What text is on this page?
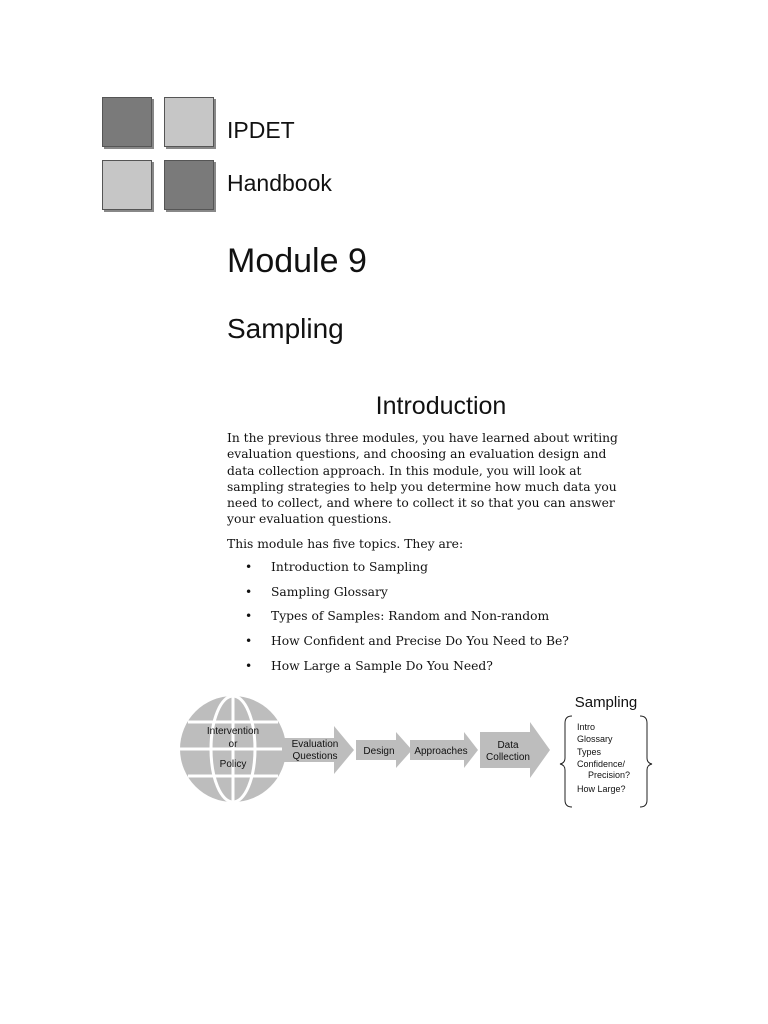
IPDET
Handbook
Module 9
Sampling
Introduction
In the previous three modules, you have learned about writing
evaluation questions, and choosing an evaluation design and
data collection approach. In this module, you will look at
sampling strategies to help you determine how much data you
need to collect, and where to collect it so that you can answer
your evaluation questions.
This module has five topics. They are:
• Introduction to Sampling
• Sampling Glossary
• Types of Samples: Random and Non-random
• How Confident and Precise Do You Need to Be?
• How Large a Sample Do You Need?
Intervention
or
Policy
Evaluation
Questions	Design Approaches
Data
Collection
Sampling
Intro
Glossary
Types
Confidence/
Precision?
How Large?
